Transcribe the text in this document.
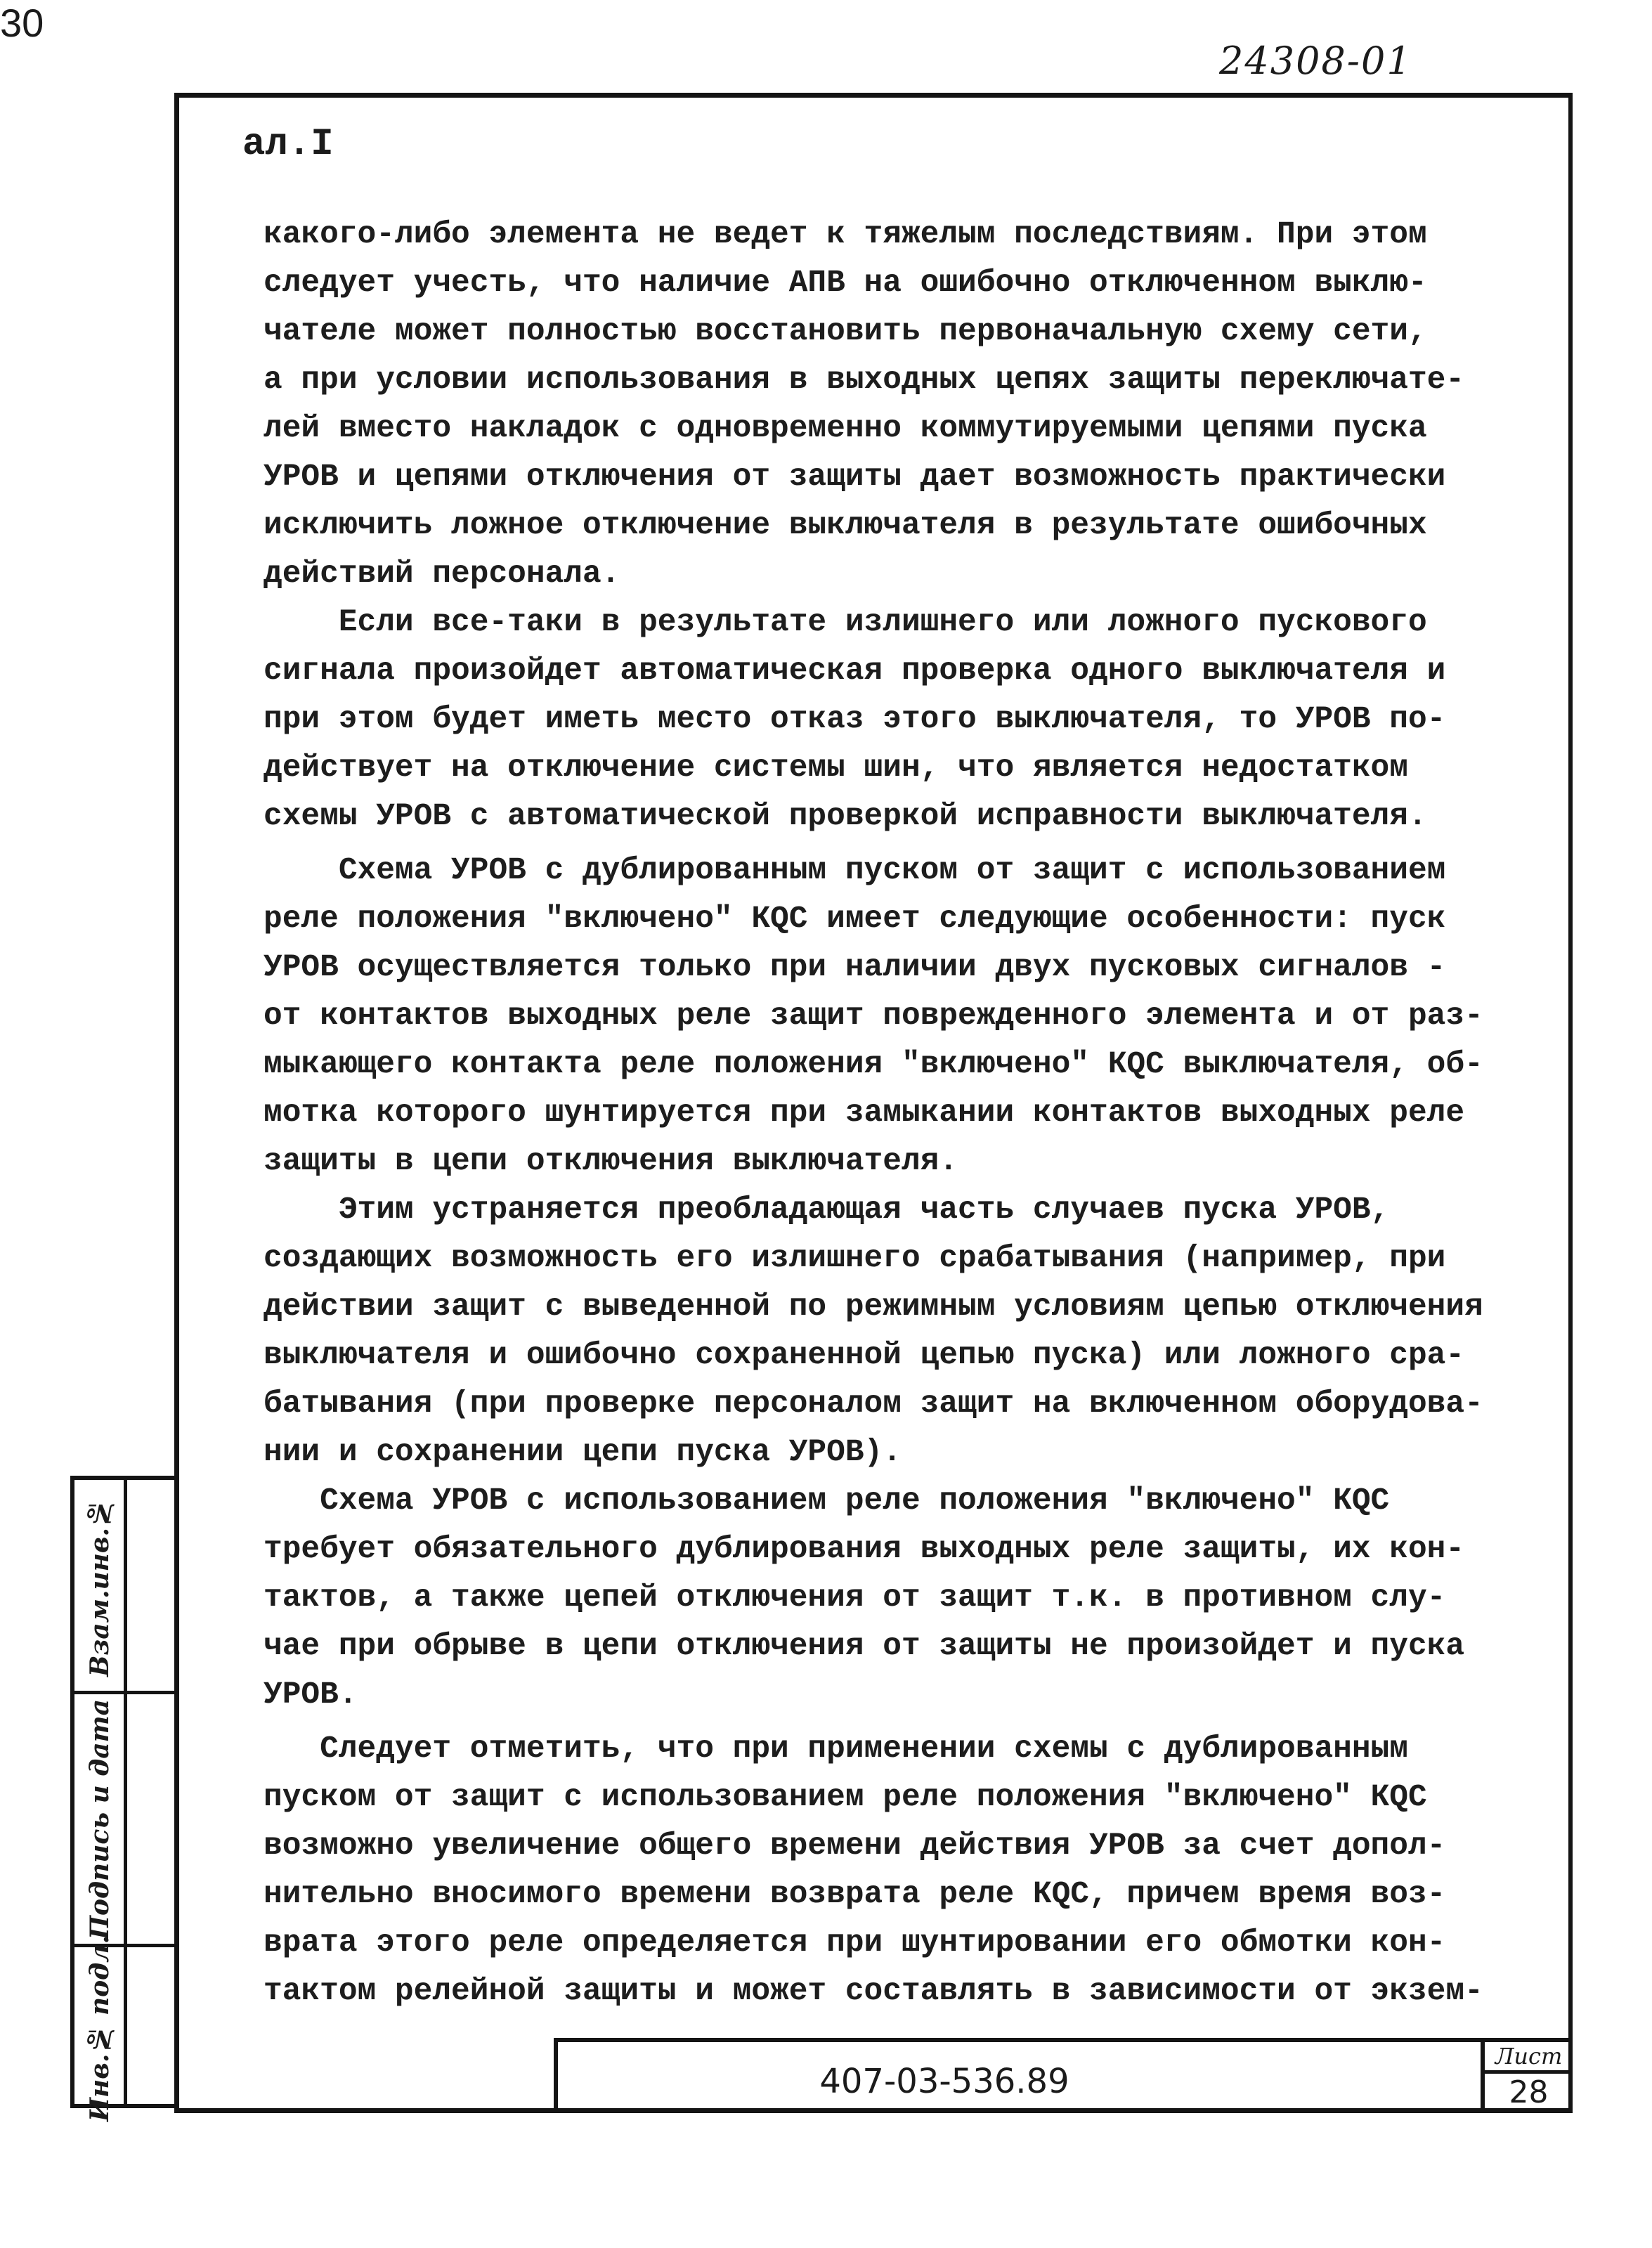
24308-01
30
ал.I
какого-либо элемента не ведет к тяжелым последствиям. При этом
следует учесть, что наличие АПВ на ошибочно отключенном выклю-
чателе может полностью восстановить первоначальную схему сети,
а при условии использования в выходных цепях защиты переключате-
лей вместо накладок с одновременно коммутируемыми цепями пуска
УРОВ и цепями отключения от защиты дает возможность практически
исключить ложное отключение выключателя в результате ошибочных
действий персонала.
Если все-таки в результате излишнего или ложного пускового
сигнала произойдет автоматическая проверка одного выключателя и
при этом будет иметь место отказ этого выключателя, то УРОВ по-
действует на отключение системы шин, что является недостатком
схемы УРОВ с автоматической проверкой исправности выключателя.
Схема УРОВ с дублированным пуском от защит с использованием
реле положения "включено" КQС имеет следующие особенности: пуск
УРОВ осуществляется только при наличии двух пусковых сигналов -
от контактов выходных реле защит поврежденного элемента и от раз-
мыкающего контакта реле положения "включено" КQС выключателя, об-
мотка которого шунтируется при замыкании контактов выходных реле
защиты в цепи отключения выключателя.
Этим устраняется преобладающая часть случаев пуска УРОВ,
создающих возможность его излишнего срабатывания (например, при
действии защит с выведенной по режимным условиям цепью отключения
выключателя и ошибочно сохраненной цепью пуска) или ложного сра-
батывания (при проверке персоналом защит на включенном оборудова-
нии и сохранении цепи пуска УРОВ).
Схема УРОВ с использованием реле положения "включено" КQС
требует обязательного дублирования выходных реле защиты, их кон-
тактов, а также цепей отключения от защит т.к. в противном слу-
чае при обрыве в цепи отключения от защиты не произойдет и пуска
УРОВ.
Следует отметить, что при применении схемы с дублированным
пуском от защит с использованием реле положения "включено" КQС
возможно увеличение общего времени действия УРОВ за счет допол-
нительно вносимого времени возврата реле КQС, причем время воз-
врата этого реле определяется при шунтировании его обмотки кон-
тактом релейной защиты и может составлять в зависимости от экзем-
407-03-536.89
Лист
28
Взам.инв.№
Подпись и дата
Инв.№ подл.
